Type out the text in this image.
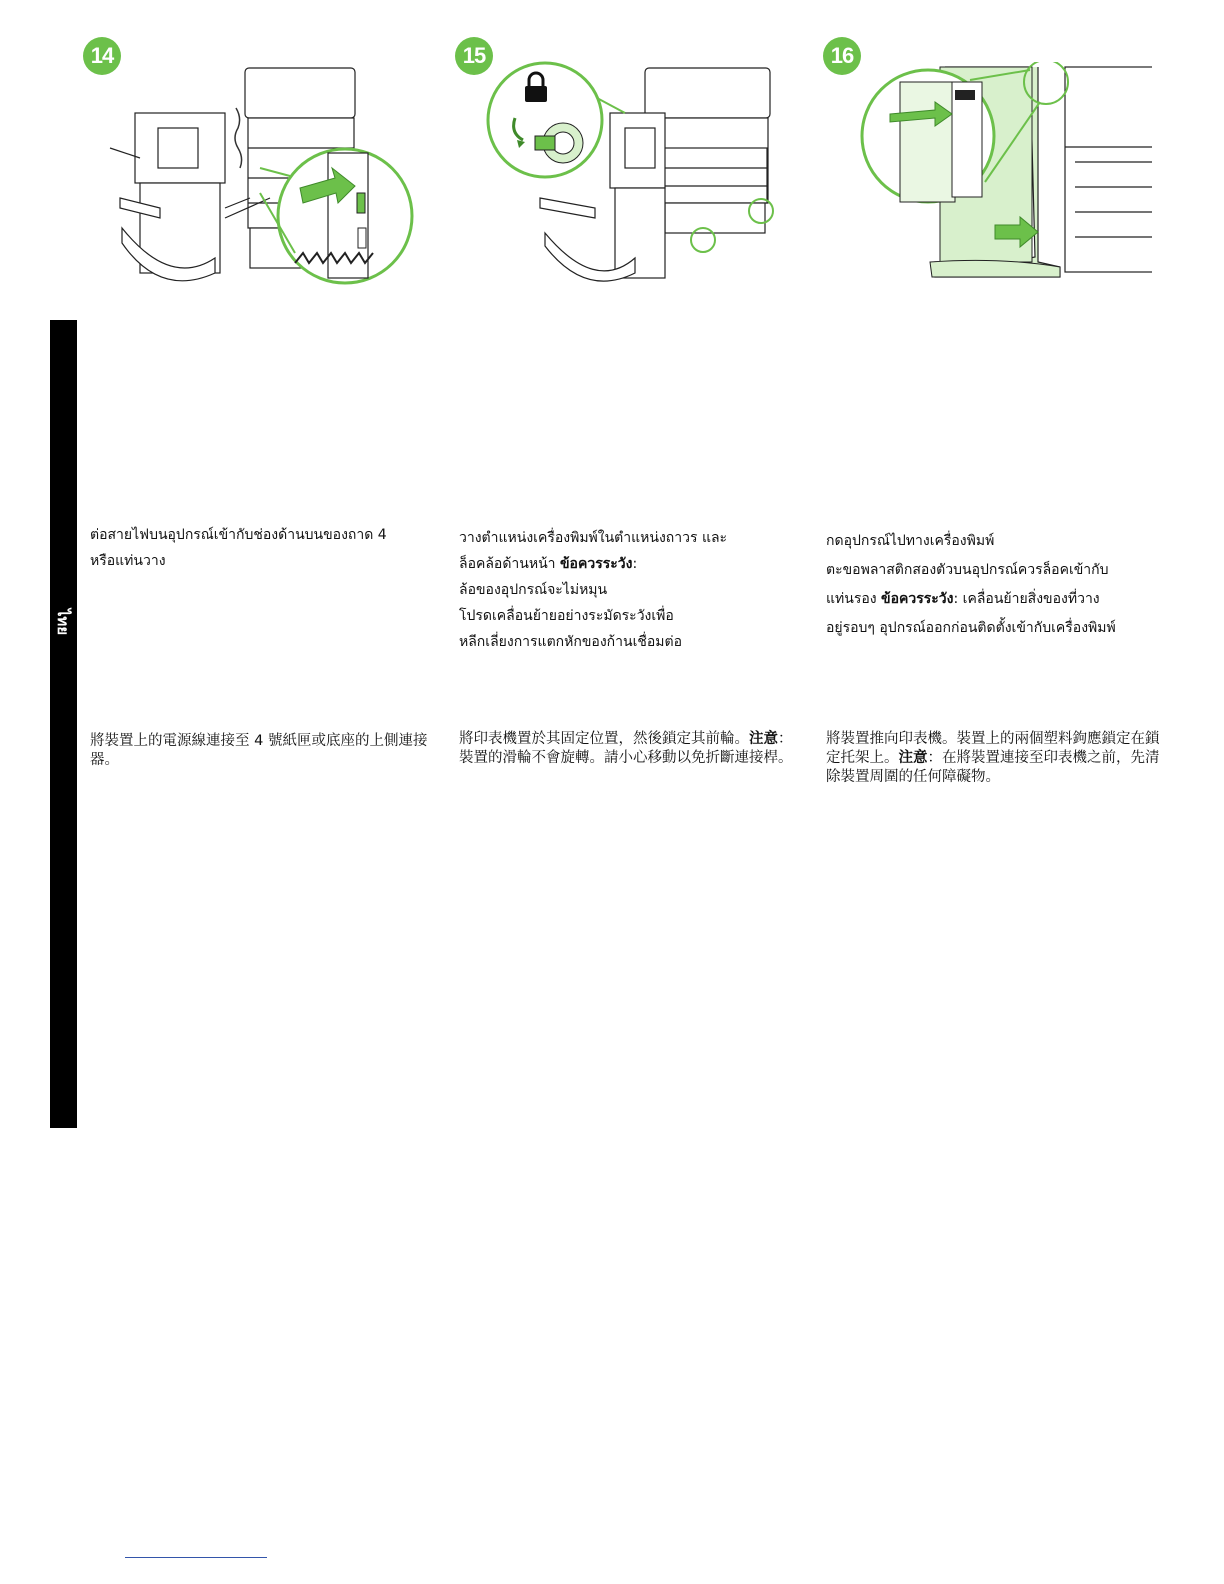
14	15	16
ไทย

ต่อสายไฟบนอุปกรณ์เข้ากับช่องด้านบนของถาด 4

หรือแท่นวาง

วางตำแหน่งเครื่องพิมพ์ในตำแหน่งถาวร และ

ล็อคล้อด้านหน้า ข้อควรระวัง:

ล้อของอุปกรณ์จะไม่หมุน

โปรดเคลื่อนย้ายอย่างระมัดระวังเพื่อ

หลีกเลี่ยงการแตกหักของก้านเชื่อมต่อ

กดอุปกรณ์ไปทางเครื่องพิมพ์

ตะขอพลาสติกสองตัวบนอุปกรณ์ควรล็อคเข้ากับ

แท่นรอง ข้อควรระวัง: เคลื่อนย้ายสิ่งของที่วาง

อยู่รอบๆ อุปกรณ์ออกก่อนติดตั้งเข้ากับเครื่องพิมพ์

將裝置上的電源線連接至 4 號紙匣或底座的上側連接器。

將印表機置於其固定位置，然後鎖定其前輪。注意：裝置的滑輪不會旋轉。請小心移動以免折斷連接桿。

將裝置推向印表機。裝置上的兩個塑料鉤應鎖定在鎖定托架上。注意：在將裝置連接至印表機之前，先清除裝置周圍的任何障礙物。
